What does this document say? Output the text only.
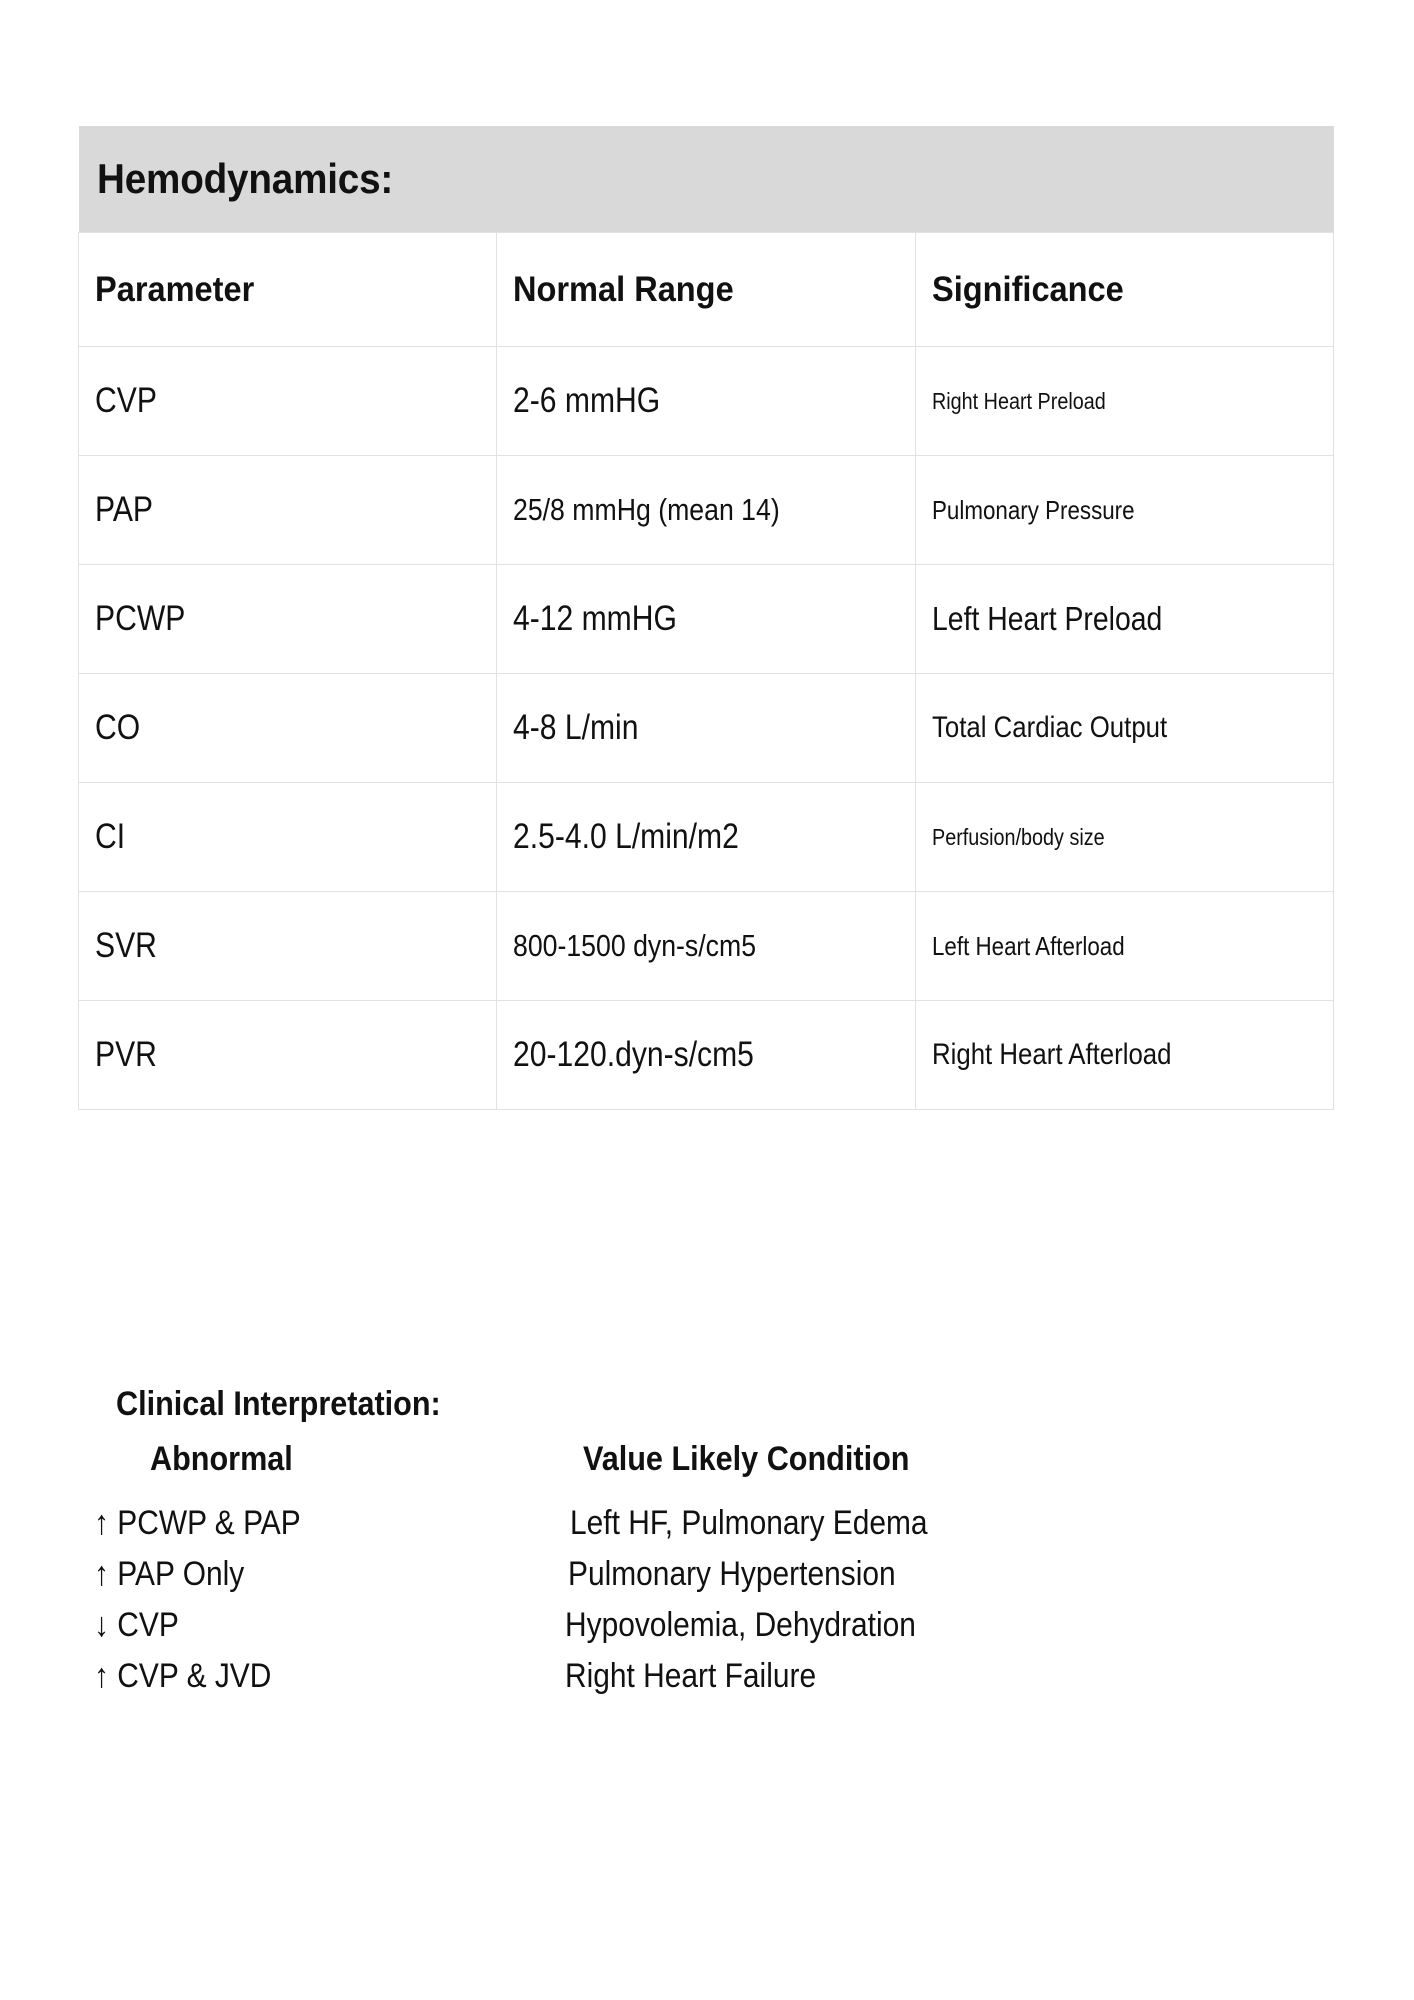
Hemodynamics:		
Parameter	Normal Range	Significance
CVP	2-6 mmHG	Right Heart Preload
PAP	25/8 mmHg (mean 14)	Pulmonary Pressure
PCWP	4-12 mmHG	Left Heart Preload
CO	4-8 L/min	Total Cardiac Output
CI	2.5-4.0 L/min/m2	Perfusion/body size
SVR	800-1500 dyn-s/cm5	Left Heart Afterload
PVR	20-120.dyn-s/cm5	Right Heart Afterload
Clinical Interpretation:
Abnormal	Value Likely Condition
↑ PCWP & PAP	Left HF, Pulmonary Edema
↑ PAP Only	Pulmonary Hypertension
↓ CVP	Hypovolemia, Dehydration
↑ CVP & JVD	Right Heart Failure
